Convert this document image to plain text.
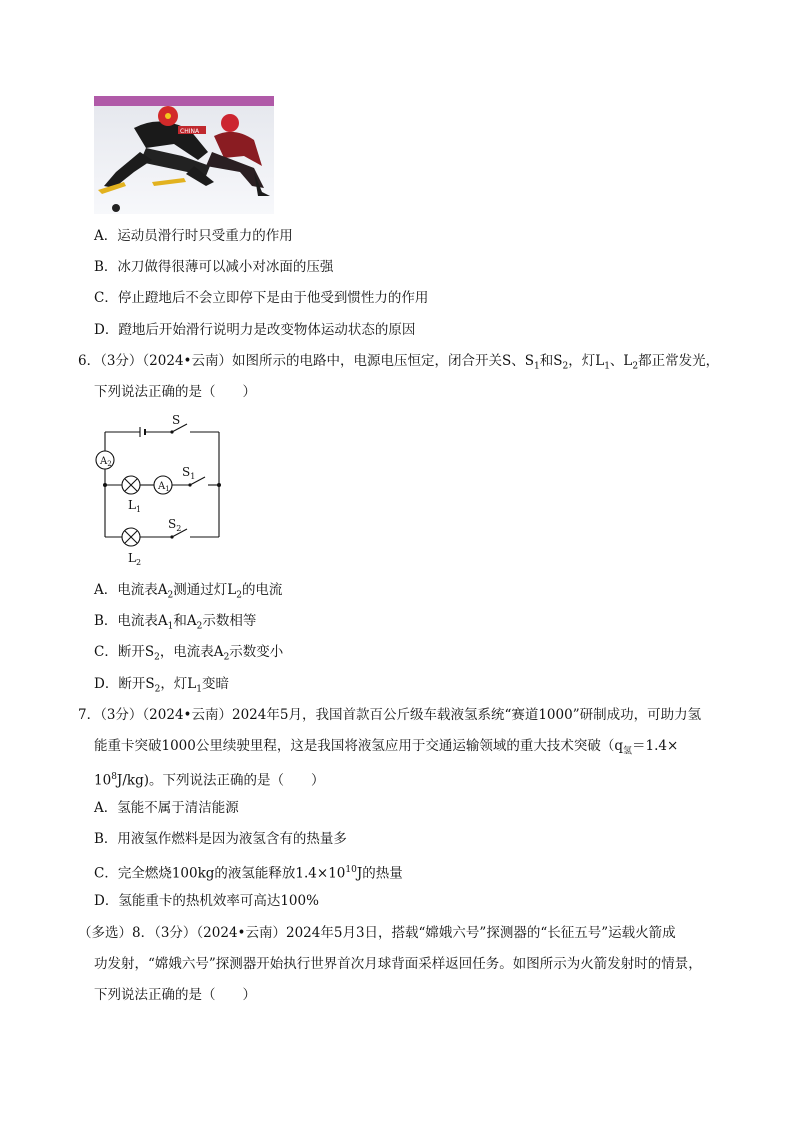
CHINA
A．运动员滑行时只受重力的作用
B．冰刀做得很薄可以减小对冰面的压强
C．停止蹬地后不会立即停下是由于他受到惯性力的作用
D．蹬地后开始滑行说明力是改变物体运动状态的原因
6．（3分）（2024•云南）如图所示的电路中，电源电压恒定，闭合开关S、$S_1$和$S_2$，灯$L_1$、$L_2$都正常发光，
下列说法正确的是（　　）
S
$A_2$
$A_1$
$S_1$
$L_1$
$S_2$
$L_2$
A．电流表$A_2$测通过灯$L_2$的电流
B．电流表$A_1$和$A_2$示数相等
C．断开$S_2$，电流表$A_2$示数变小
D．断开$S_2$，灯$L_1$变暗
7．（3分）（2024•云南）2024年5月，我国首款百公斤级车载液氢系统“赛道1000”研制成功，可助力氢
能重卡突破1000公里续驶里程，这是我国将液氢应用于交通运输领域的重大技术突破（$q_氢=1.4\times$
$10^8J/kg$)。下列说法正确的是（　　）
A．氢能不属于清洁能源
B．用液氢作燃料是因为液氢含有的热量多
C．完全燃烧100kg的液氢能释放$1.4\times 10^{10}J$的热量
D．氢能重卡的热机效率可高达100%
（多选）8．（3分）（2024•云南）2024年5月3日，搭载“嫦娥六号”探测器的“长征五号”运载火箭成
功发射，“嫦娥六号”探测器开始执行世界首次月球背面采样返回任务。如图所示为火箭发射时的情景，
下列说法正确的是（　　）
